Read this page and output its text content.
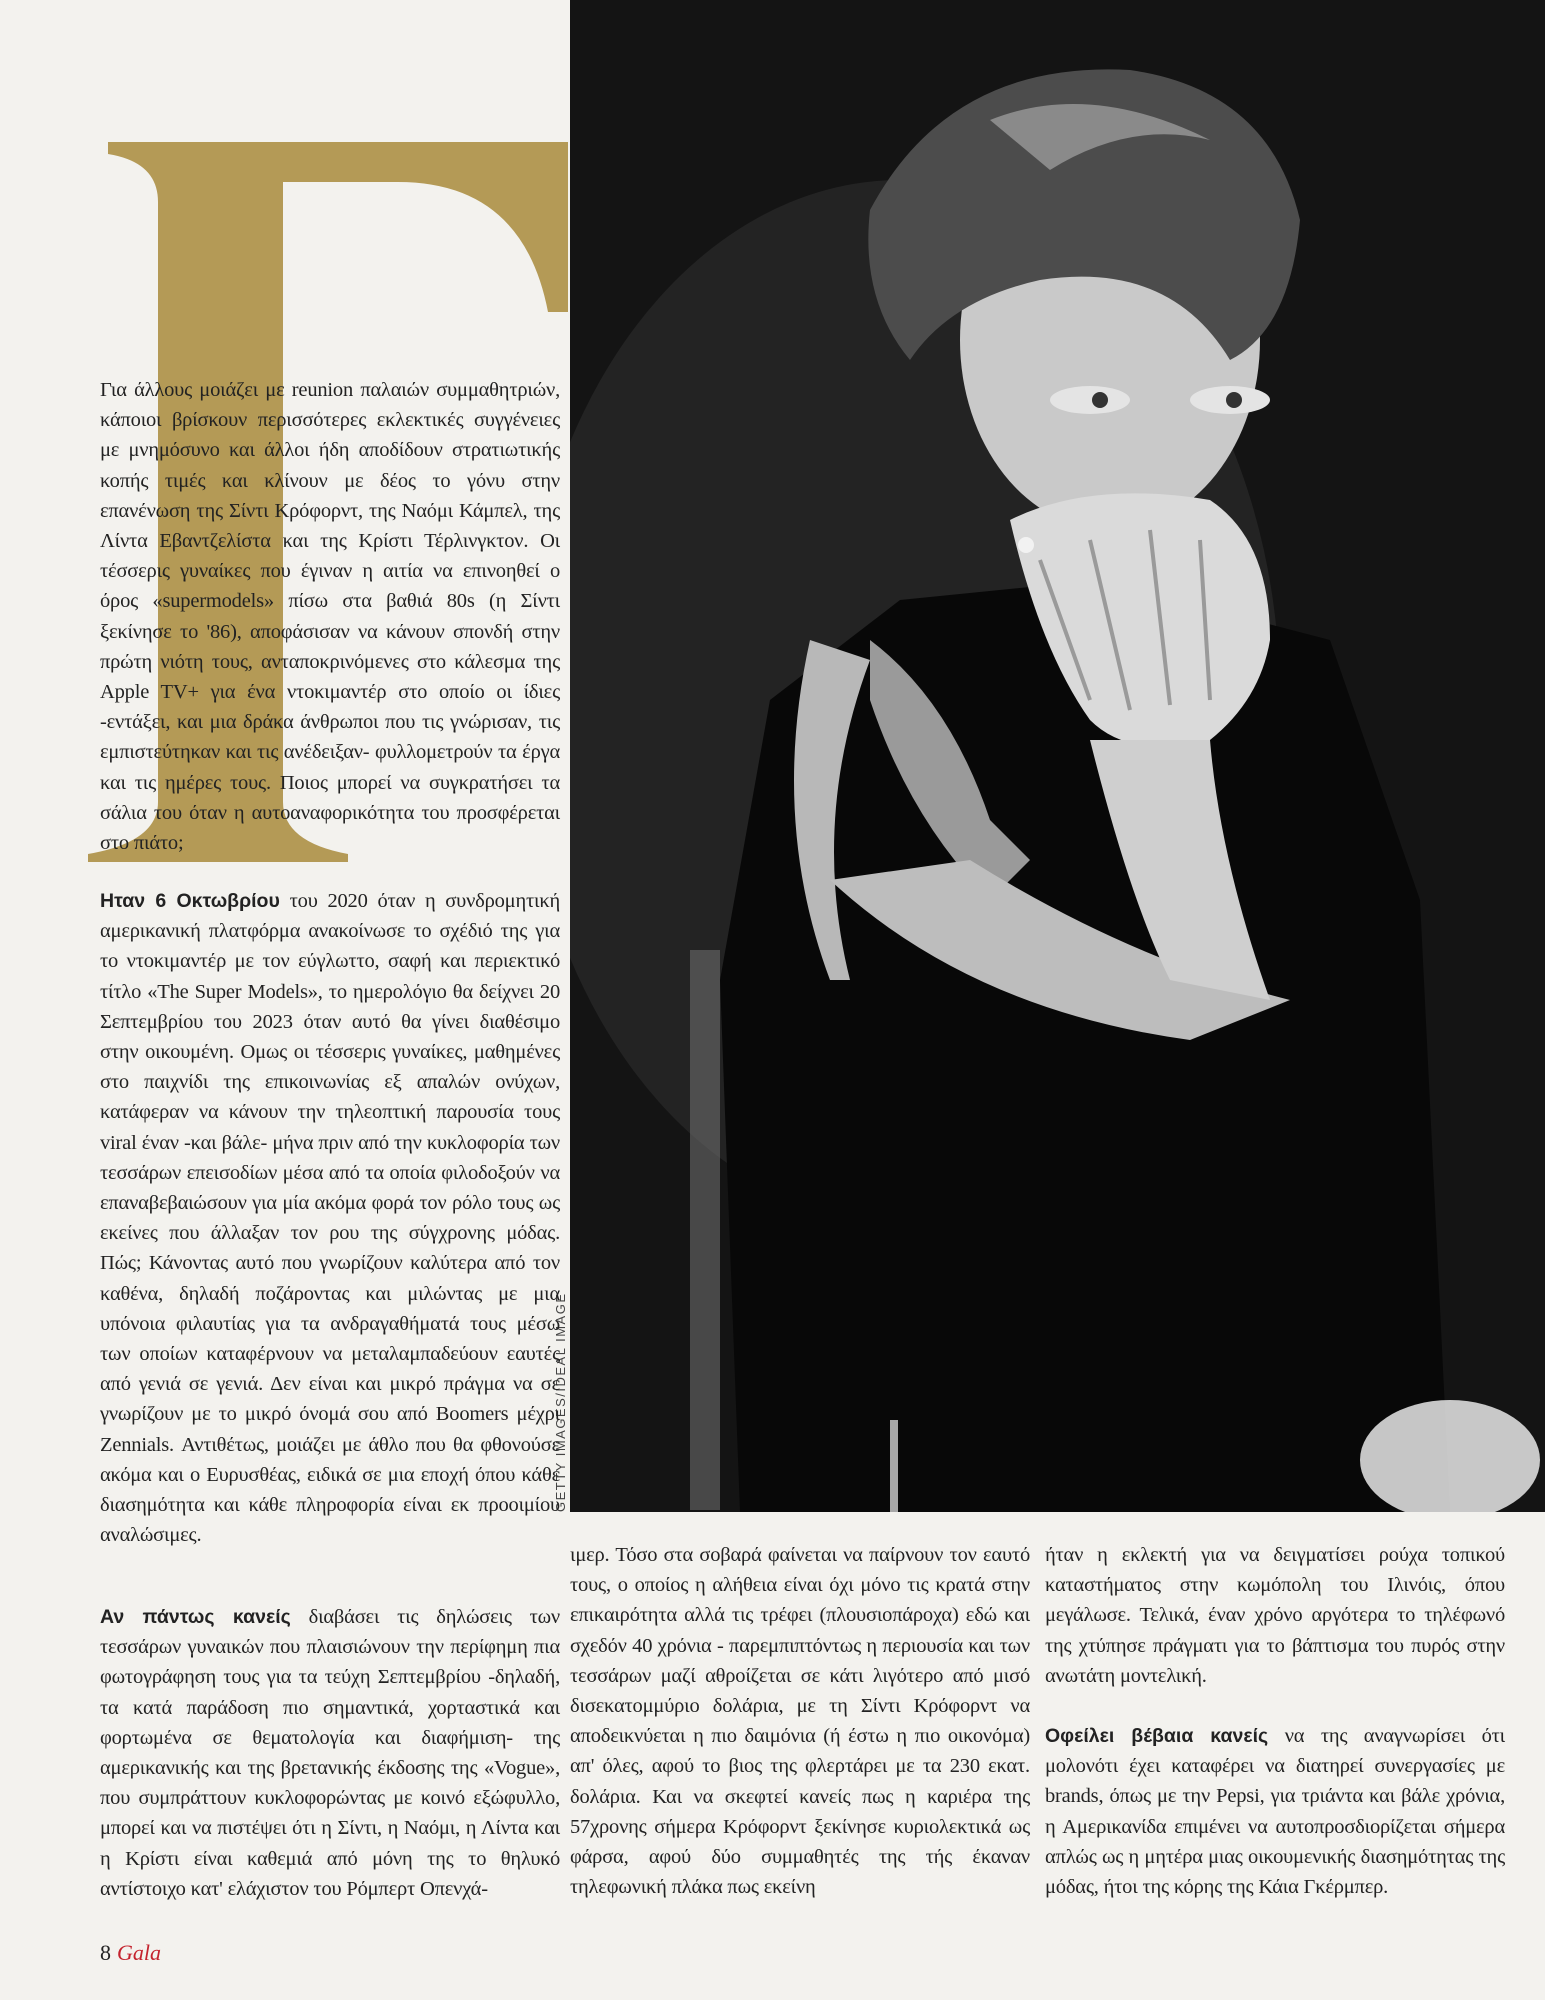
GETTY IMAGES/IDEAL IMAGE

Για άλλους μοιάζει με reunion παλαιών συμμαθητριών, κάποιοι βρίσκουν περισσότερες εκλεκτικές συγγένειες με μνημόσυνο και άλλοι ήδη αποδίδουν στρατιωτικής κοπής τιμές και κλίνουν με δέος το γόνυ στην επανένωση της Σίντι Κρόφορντ, της Ναόμι Κάμπελ, της Λίντα Εβαντζελίστα και της Κρίστι Τέρλινγκτον. Οι τέσσερις γυναίκες που έγιναν η αιτία να επινοηθεί ο όρος «supermodels» πίσω στα βαθιά 80s (η Σίντι ξεκίνησε το '86), αποφάσισαν να κάνουν σπονδή στην πρώτη νιότη τους, ανταποκρινόμενες στο κάλεσμα της Apple TV+ για ένα ντοκιμαντέρ στο οποίο οι ίδιες -εντάξει, και μια δράκα άνθρωποι που τις γνώρισαν, τις εμπιστεύτηκαν και τις ανέδειξαν- φυλλομετρούν τα έργα και τις ημέρες τους. Ποιος μπορεί να συγκρατήσει τα σάλια του όταν η αυτοαναφορικότητα του προσφέρεται στο πιάτο;

Ηταν 6 Οκτωβρίου του 2020 όταν η συνδρομητική αμερικανική πλατφόρμα ανακοίνωσε το σχέδιό της για το ντοκιμαντέρ με τον εύγλωττο, σαφή και περιεκτικό τίτλο «The Super Models», το ημερολόγιο θα δείχνει 20 Σεπτεμβρίου του 2023 όταν αυτό θα γίνει διαθέσιμο στην οικουμένη. Ομως οι τέσσερις γυναίκες, μαθημένες στο παιχνίδι της επικοινωνίας εξ απαλών ονύχων, κατάφεραν να κάνουν την τηλεοπτική παρουσία τους viral έναν -και βάλε- μήνα πριν από την κυκλοφορία των τεσσάρων επεισοδίων μέσα από τα οποία φιλοδοξούν να επαναβεβαιώσουν για μία ακόμα φορά τον ρόλο τους ως εκείνες που άλλαξαν τον ρου της σύγχρονης μόδας. Πώς; Κάνοντας αυτό που γνωρίζουν καλύτερα από τον καθένα, δηλαδή ποζάροντας και μιλώντας με μια υπόνοια φιλαυτίας για τα ανδραγαθήματά τους μέσω των οποίων καταφέρνουν να μεταλαμπαδεύουν εαυτές από γενιά σε γενιά. Δεν είναι και μικρό πράγμα να σε γνωρίζουν με το μικρό όνομά σου από Boomers μέχρι Zennials. Αντιθέτως, μοιάζει με άθλο που θα φθονούσε ακόμα και ο Ευρυσθέας, ειδικά σε μια εποχή όπου κάθε διασημότητα και κάθε πληροφορία είναι εκ προοιμίου αναλώσιμες.

Αν πάντως κανείς διαβάσει τις δηλώσεις των τεσσάρων γυναικών που πλαισιώνουν την περίφημη πια φωτογράφηση τους για τα τεύχη Σεπτεμβρίου -δηλαδή, τα κατά παράδοση πιο σημαντικά, χορταστικά και φορτωμένα σε θεματολογία και διαφήμιση- της αμερικανικής και της βρετανικής έκδοσης της «Vogue», που συμπράττουν κυκλοφορώντας με κοινό εξώφυλλο, μπορεί και να πιστέψει ότι η Σίντι, η Ναόμι, η Λίντα και η Κρίστι είναι καθεμιά από μόνη της το θηλυκό αντίστοιχο κατ' ελάχιστον του Ρόμπερτ Οπενχά-

ιμερ. Τόσο στα σοβαρά φαίνεται να παίρνουν τον εαυτό τους, ο οποίος η αλήθεια είναι όχι μόνο τις κρατά στην επικαιρότητα αλλά τις τρέφει (πλουσιοπάροχα) εδώ και σχεδόν 40 χρόνια - παρεμπιπτόντως η περιουσία και των τεσσάρων μαζί αθροίζεται σε κάτι λιγότερο από μισό δισεκατομμύριο δολάρια, με τη Σίντι Κρόφορντ να αποδεικνύεται η πιο δαιμόνια (ή έστω η πιο οικονόμα) απ' όλες, αφού το βιος της φλερτάρει με τα 230 εκατ. δολάρια. Και να σκεφτεί κανείς πως η καριέρα της 57χρονης σήμερα Κρόφορντ ξεκίνησε κυριολεκτικά ως φάρσα, αφού δύο συμμαθητές της τής έκαναν τηλεφωνική πλάκα πως εκείνη

ήταν η εκλεκτή για να δειγματίσει ρούχα τοπικού καταστήματος στην κωμόπολη του Ιλινόις, όπου μεγάλωσε. Τελικά, έναν χρόνο αργότερα το τηλέφωνό της χτύπησε πράγματι για το βάπτισμα του πυρός στην ανωτάτη μοντελική.

Οφείλει βέβαια κανείς να της αναγνωρίσει ότι μολονότι έχει καταφέρει να διατηρεί συνεργασίες με brands, όπως με την Pepsi, για τριάντα και βάλε χρόνια, η Αμερικανίδα επιμένει να αυτοπροσδιορίζεται σήμερα απλώς ως η μητέρα μιας οικουμενικής διασημότητας της μόδας, ήτοι της κόρης της Κάια Γκέρμπερ.

8 Gala
